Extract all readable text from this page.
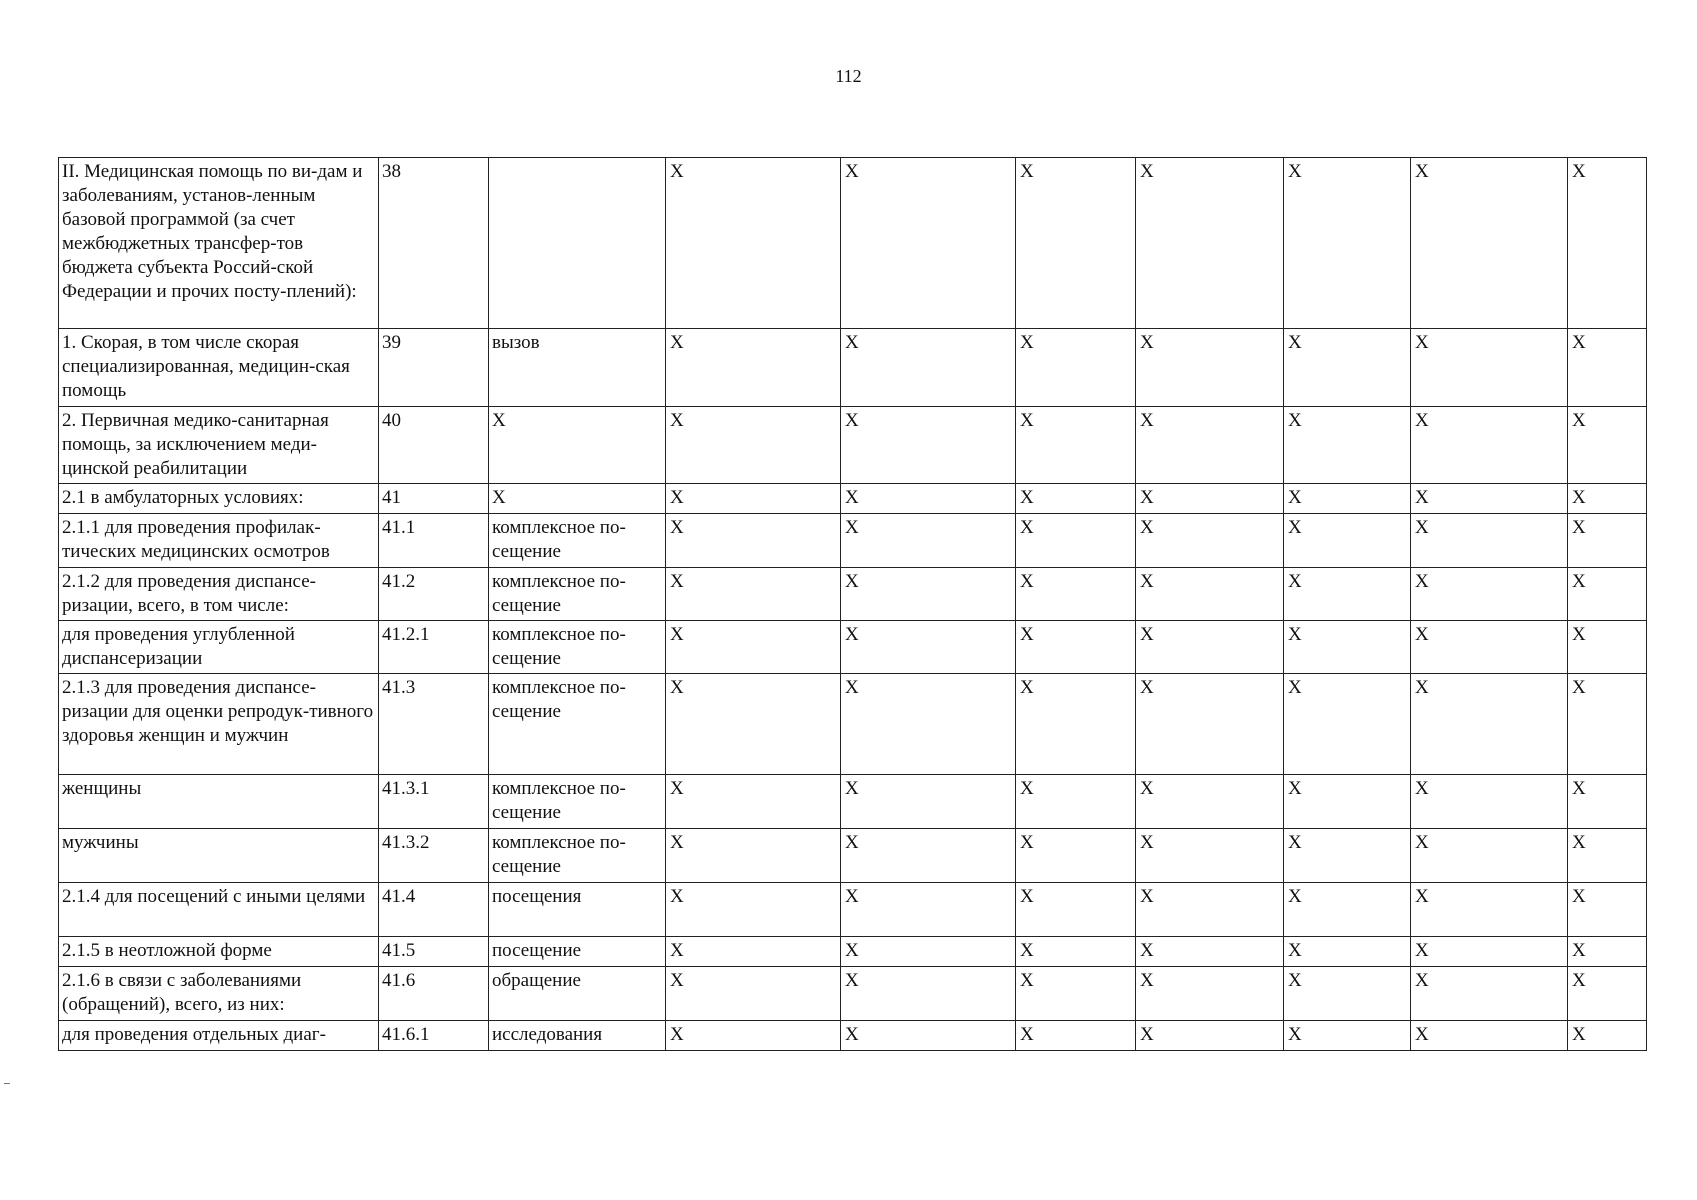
112
II. Медицинская помощь по ви-дам и заболеваниям, установ-ленным базовой программой (за счет межбюджетных трансфер-тов бюджета субъекта Россий-ской Федерации и прочих посту-плений):	38		X	X	X	X	X	X	X
1. Скорая, в том числе скорая специализированная, медицин-ская помощь	39	вызов	X	X	X	X	X	X	X
2. Первичная медико-санитарная помощь, за исключением меди-цинской реабилитации	40	X	X	X	X	X	X	X	X
2.1 в амбулаторных условиях:	41	X	X	X	X	X	X	X	X
2.1.1 для проведения профилак-тических медицинских осмотров	41.1	комплексное по-сещение	X	X	X	X	X	X	X
2.1.2 для проведения диспансе-ризации, всего, в том числе:	41.2	комплексное по-сещение	X	X	X	X	X	X	X
для проведения углубленной диспансеризации	41.2.1	комплексное по-сещение	X	X	X	X	X	X	X
2.1.3 для проведения диспансе-ризации для оценки репродук-тивного здоровья женщин и мужчин	41.3	комплексное по-сещение	X	X	X	X	X	X	X
женщины	41.3.1	комплексное по-сещение	X	X	X	X	X	X	X
мужчины	41.3.2	комплексное по-сещение	X	X	X	X	X	X	X
2.1.4 для посещений с иными целями	41.4	посещения	X	X	X	X	X	X	X
2.1.5 в неотложной форме	41.5	посещение	X	X	X	X	X	X	X
2.1.6 в связи с заболеваниями (обращений), всего, из них:	41.6	обращение	X	X	X	X	X	X	X
для проведения отдельных диаг-	41.6.1	исследования	X	X	X	X	X	X	X
